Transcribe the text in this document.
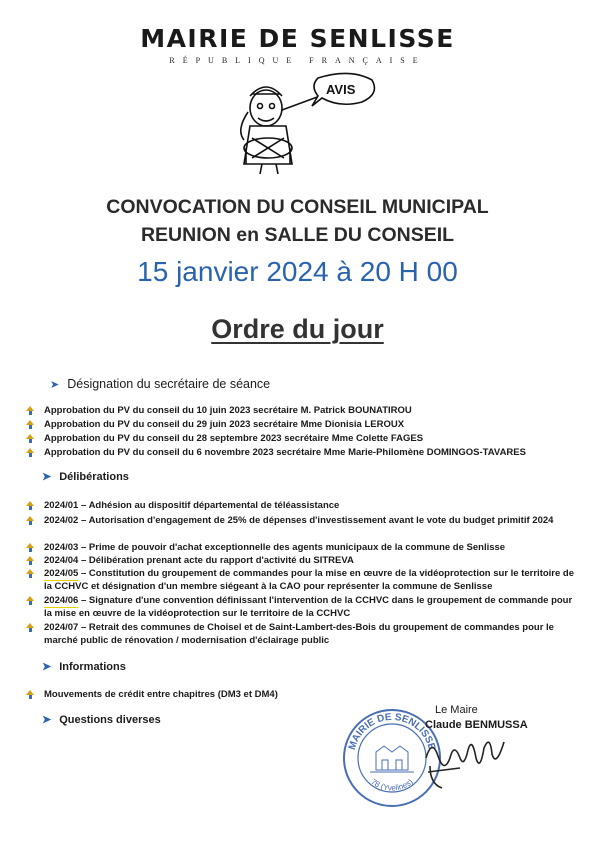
MAIRIE DE SENLISSE
RÉPUBLIQUE FRANÇAISE
AVIS
CONVOCATION DU CONSEIL MUNICIPAL
REUNION en SALLE DU CONSEIL
15 janvier 2024 à 20 H 00
Ordre du jour
➤ Désignation du secrétaire de séance
Approbation du PV du conseil du 10 juin 2023 secrétaire M. Patrick BOUNATIROU
Approbation du PV du conseil du 29 juin 2023 secrétaire Mme Dionisia LEROUX
Approbation du PV du conseil du 28 septembre 2023 secrétaire Mme Colette FAGES
Approbation du PV du conseil du 6 novembre 2023 secrétaire Mme Marie-Philomène DOMINGOS-TAVARES
➤ Délibérations
2024/01 – Adhésion au dispositif départemental de téléassistance
2024/02 – Autorisation d'engagement de 25% de dépenses d'investissement avant le vote du budget primitif 2024
2024/03 – Prime de pouvoir d'achat exceptionnelle des agents municipaux de la commune de Senlisse
2024/04 – Délibération prenant acte du rapport d'activité du SITREVA
2024/05 – Constitution du groupement de commandes pour la mise en œuvre de la vidéoprotection sur le territoire de la CCHVC et désignation d'un membre siégeant à la CAO pour représenter la commune de Senlisse
2024/06 – Signature d'une convention définissant l'intervention de la CCHVC dans le groupement de commande pour la mise en œuvre de la vidéoprotection sur le territoire de la CCHVC
2024/07 – Retrait des communes de Choisel et de Saint-Lambert-des-Bois du groupement de commandes pour le marché public de rénovation / modernisation d'éclairage public
➤ Informations
Mouvements de crédit entre chapitres (DM3 et DM4)
➤ Questions diverses
MAIRIE DE SENLISSE
78 (Yvelines)
Le Maire
Claude BENMUSSA
